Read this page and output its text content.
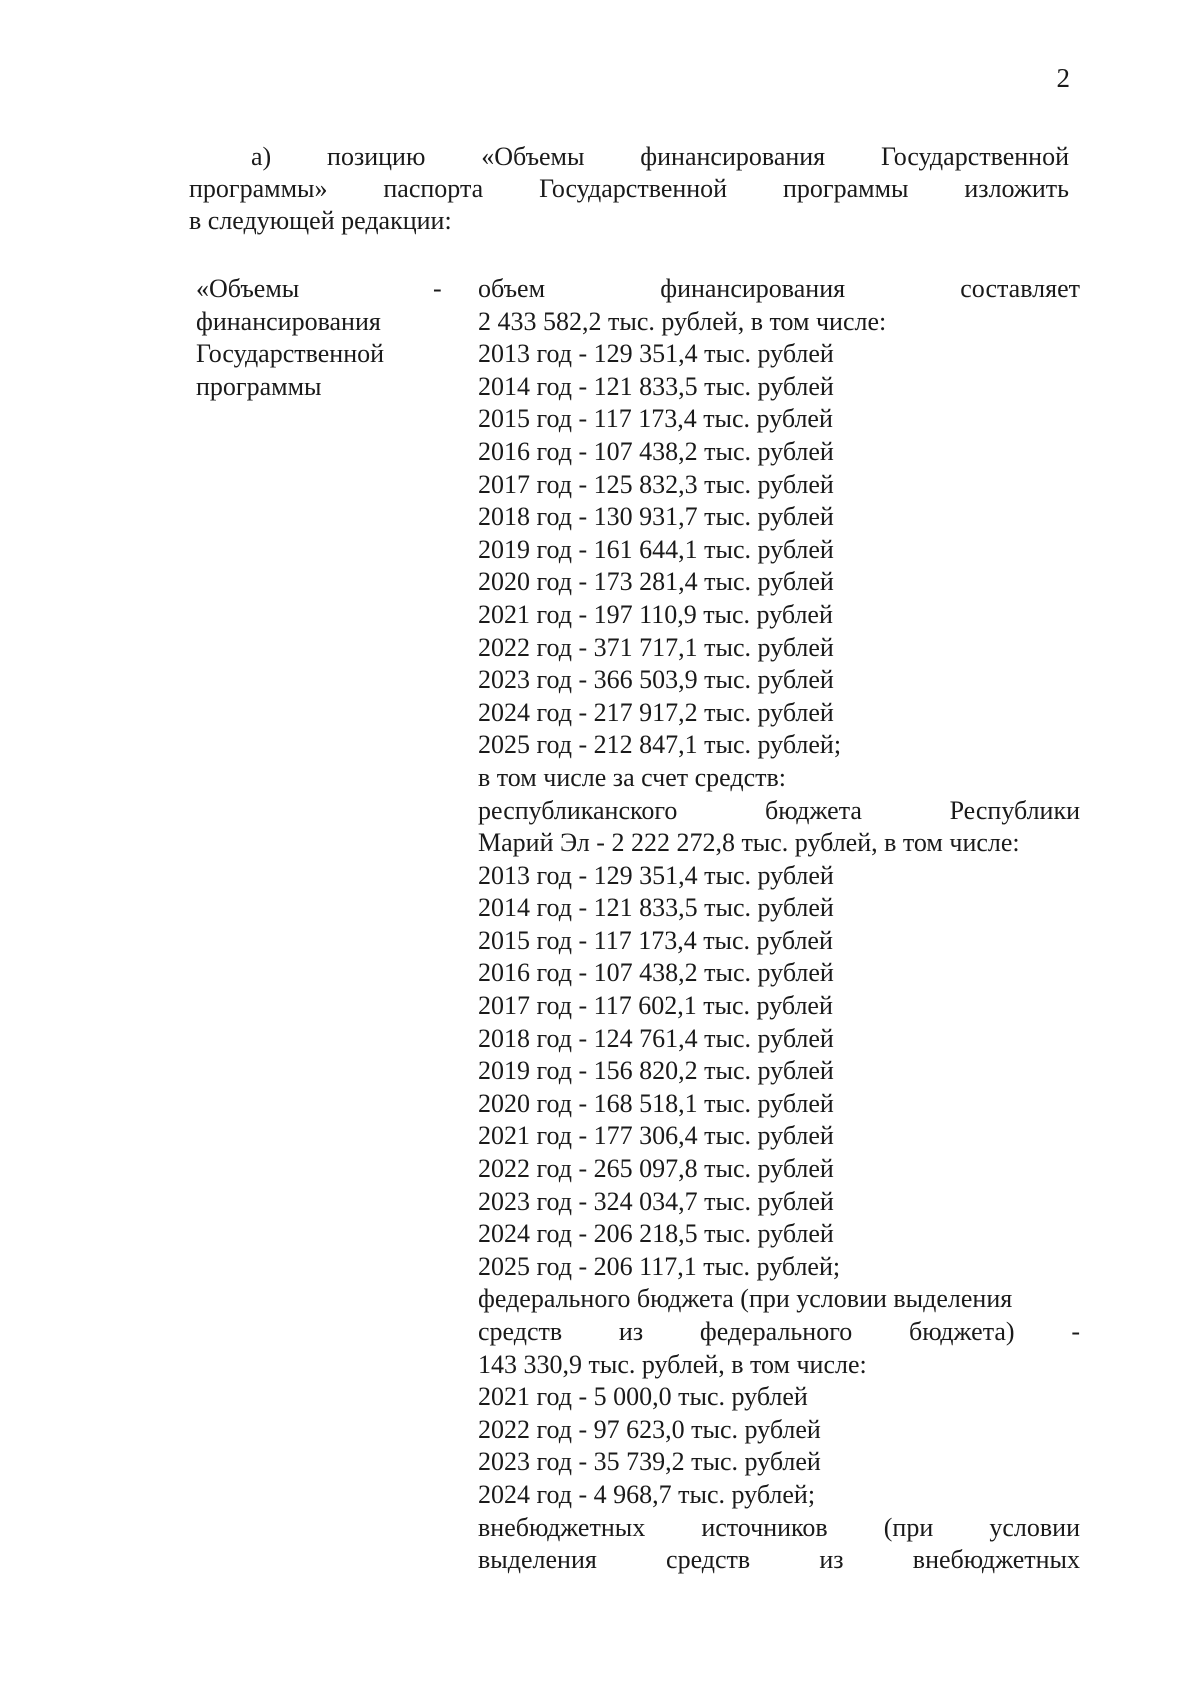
2
а) позицию «Объемы финансирования Государственной
программы» паспорта Государственной программы изложить
в следующей редакции:
«Объемы
финансирования
Государственной
программы
- объем финансирования составляет
2 433 582,2 тыс. рублей, в том числе:
2013 год - 129 351,4 тыс. рублей
2014 год - 121 833,5 тыс. рублей
2015 год - 117 173,4 тыс. рублей
2016 год - 107 438,2 тыс. рублей
2017 год - 125 832,3 тыс. рублей
2018 год - 130 931,7 тыс. рублей
2019 год - 161 644,1 тыс. рублей
2020 год - 173 281,4 тыс. рублей
2021 год - 197 110,9 тыс. рублей
2022 год - 371 717,1 тыс. рублей
2023 год - 366 503,9 тыс. рублей
2024 год - 217 917,2 тыс. рублей
2025 год - 212 847,1 тыс. рублей;
в том числе за счет средств:
республиканского бюджета Республики
Марий Эл - 2 222 272,8 тыс. рублей, в том числе:
2013 год - 129 351,4 тыс. рублей
2014 год - 121 833,5 тыс. рублей
2015 год - 117 173,4 тыс. рублей
2016 год - 107 438,2 тыс. рублей
2017 год - 117 602,1 тыс. рублей
2018 год - 124 761,4 тыс. рублей
2019 год - 156 820,2 тыс. рублей
2020 год - 168 518,1 тыс. рублей
2021 год - 177 306,4 тыс. рублей
2022 год - 265 097,8 тыс. рублей
2023 год - 324 034,7 тыс. рублей
2024 год - 206 218,5 тыс. рублей
2025 год - 206 117,1 тыс. рублей;
федерального бюджета (при условии выделения
средств из федерального бюджета) -
143 330,9 тыс. рублей, в том числе:
2021 год - 5 000,0 тыс. рублей
2022 год - 97 623,0 тыс. рублей
2023 год - 35 739,2 тыс. рублей
2024 год - 4 968,7 тыс. рублей;
внебюджетных источников (при условии
выделения средств из внебюджетных
